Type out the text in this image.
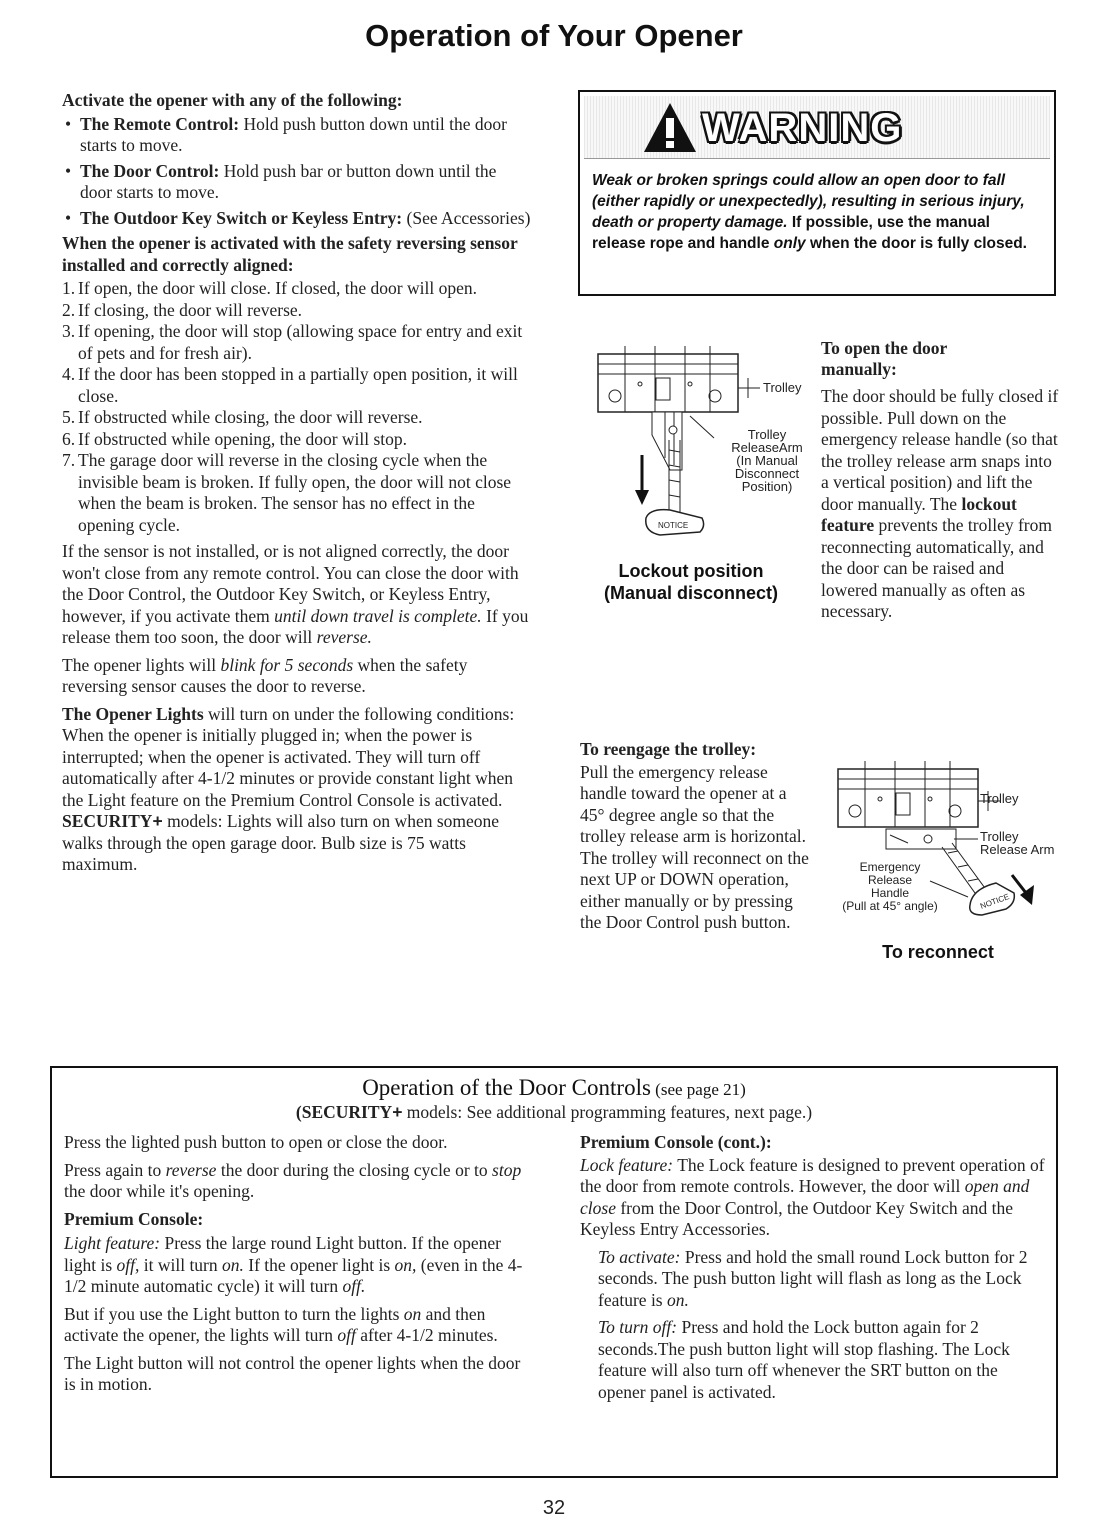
Operation of Your Opener
Activate the opener with any of the following:
• The Remote Control: Hold push button down until the door starts to move.
• The Door Control: Hold push bar or button down until the door starts to move.
• The Outdoor Key Switch or Keyless Entry: (See Accessories)
When the opener is activated with the safety reversing sensor installed and correctly aligned:
1. If open, the door will close. If closed, the door will open.
2. If closing, the door will reverse.
3. If opening, the door will stop (allowing space for entry and exit of pets and for fresh air).
4. If the door has been stopped in a partially open position, it will close.
5. If obstructed while closing, the door will reverse.
6. If obstructed while opening, the door will stop.
7. The garage door will reverse in the closing cycle when the invisible beam is broken. If fully open, the door will not close when the beam is broken. The sensor has no effect in the opening cycle.

If the sensor is not installed, or is not aligned correctly, the door won't close from any remote control. You can close the door with the Door Control, the Outdoor Key Switch, or Keyless Entry, however, if you activate them until down travel is complete. If you release them too soon, the door will reverse.

The opener lights will blink for 5 seconds when the safety reversing sensor causes the door to reverse.

The Opener Lights will turn on under the following conditions: When the opener is initially plugged in; when the power is interrupted; when the opener is activated. They will turn off automatically after 4-1/2 minutes or provide constant light when the Light feature on the Premium Control Console is activated. SECURITY+ models: Lights will also turn on when someone walks through the open garage door. Bulb size is 75 watts maximum.

WARNING
Weak or broken springs could allow an open door to fall (either rapidly or unexpectedly), resulting in serious injury, death or property damage. If possible, use the manual release rope and handle only when the door is fully closed.
NOTICE
Trolley
Trolley
ReleaseArm
(In Manual
Disconnect
Position)
Lockout position
(Manual disconnect)
To open the door
manually:

The door should be fully closed if possible. Pull down on the emergency release handle (so that the trolley release arm snaps into a vertical position) and lift the door manually. The lockout feature prevents the trolley from reconnecting automatically, and the door can be raised and lowered manually as often as necessary.

To reengage the trolley:

Pull the emergency release handle toward the opener at a 45° degree angle so that the trolley release arm is horizontal. The trolley will reconnect on the next UP or DOWN operation, either manually or by pressing the Door Control push button.

NOTICE
Trolley
Trolley
Release Arm
Emergency
Release
Handle
(Pull at 45° angle)
To reconnect
Operation of the Door Controls (see page 21)
(SECURITY+ models: See additional programming features, next page.)

Press the lighted push button to open or close the door.

Press again to reverse the door during the closing cycle or to stop the door while it's opening.

Premium Console:

Light feature: Press the large round Light button. If the opener light is off, it will turn on. If the opener light is on, (even in the 4-1/2 minute automatic cycle) it will turn off.

But if you use the Light button to turn the lights on and then activate the opener, the lights will turn off after 4-1/2 minutes.

The Light button will not control the opener lights when the door is in motion.

Premium Console (cont.):

Lock feature: The Lock feature is designed to prevent operation of the door from remote controls. However, the door will open and close from the Door Control, the Outdoor Key Switch and the Keyless Entry Accessories.

To activate: Press and hold the small round Lock button for 2 seconds. The push button light will flash as long as the Lock feature is on.

To turn off: Press and hold the Lock button again for 2 seconds.The push button light will stop flashing. The Lock feature will also turn off whenever the SRT button on the opener panel is activated.

32
